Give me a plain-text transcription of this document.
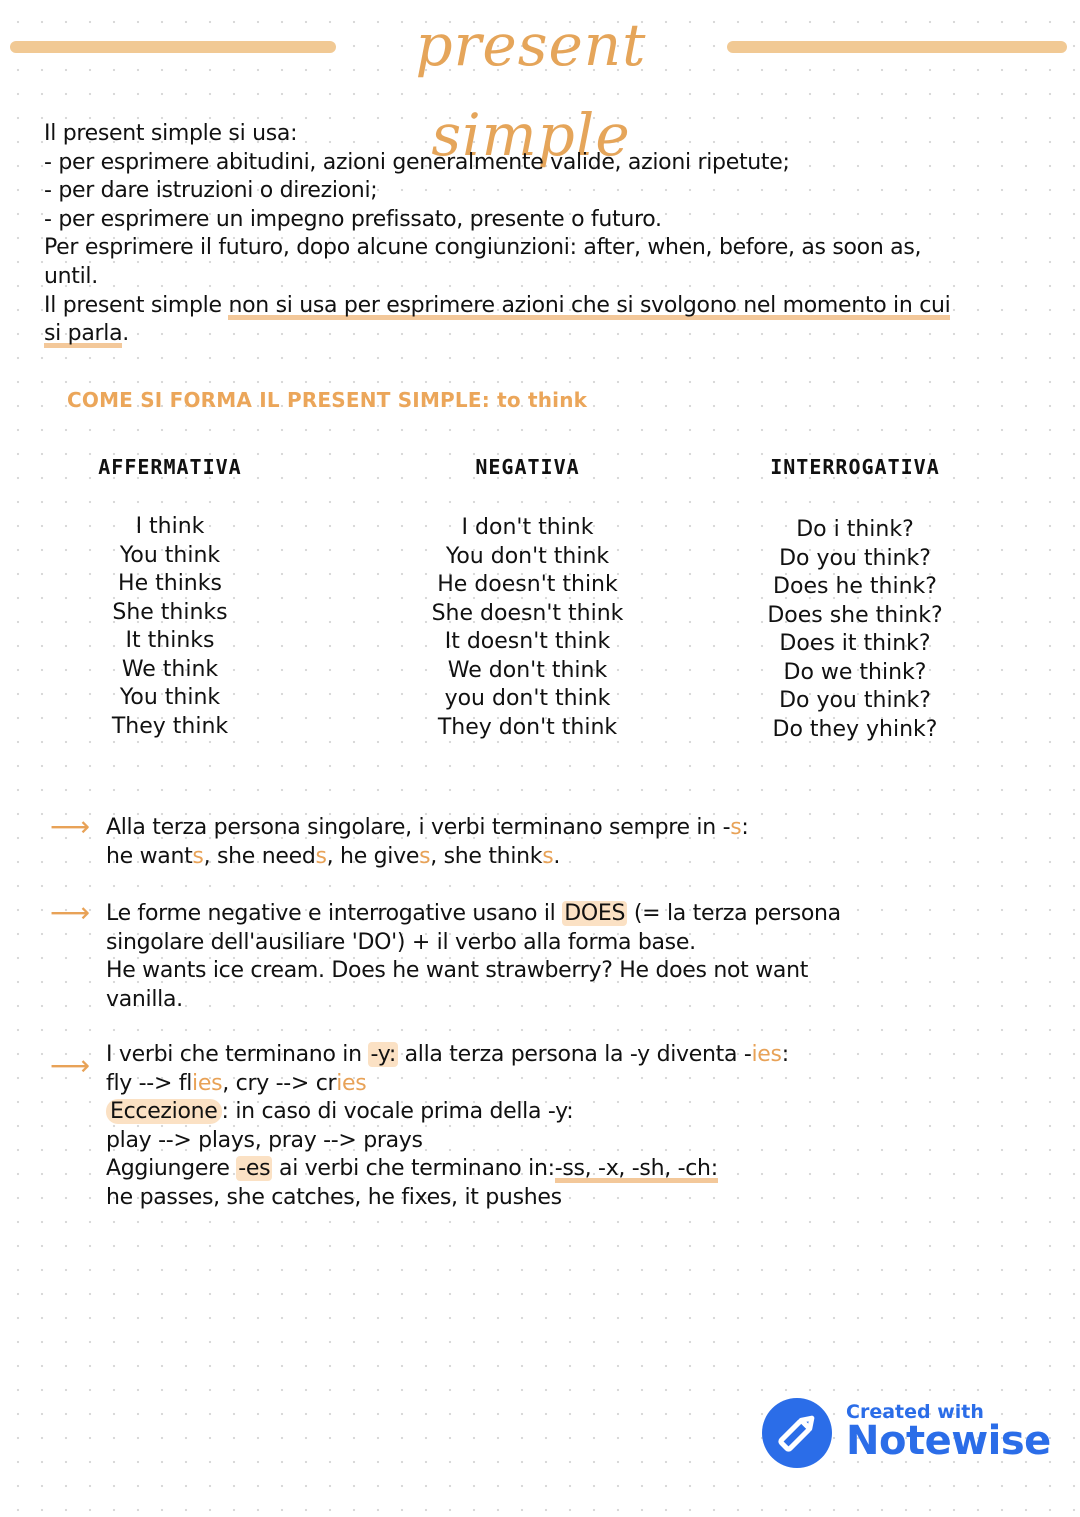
present simple

Il present simple si usa:

- per esprimere abitudini, azioni generalmente valide, azioni ripetute;

- per dare istruzioni o direzioni;

- per esprimere un impegno prefissato, presente o futuro.

Per esprimere il futuro, dopo alcune congiunzioni: after, when, before, as soon as,

until.

Il present simple non si usa per esprimere azioni che si svolgono nel momento in cui

si parla.

COME SI FORMA IL PRESENT SIMPLE: to think
AFFERMATIVA
I think
You think
He thinks
She thinks
It thinks
We think
You think
They think
NEGATIVA
I don't think
You don't think
He doesn't think
She doesn't think
It doesn't think
We don't think
you don't think
They don't think
INTERROGATIVA
Do i think?
Do you think?
Does he think?
Does she think?
Does it think?
Do we think?
Do you think?
Do they yhink?
⟶ Alla terza persona singolare, i verbi terminano sempre in -s:

he wants, she needs, he gives, she thinks.

⟶ Le forme negative e interrogative usano il DOES (= la terza persona

singolare dell'ausiliare 'DO') + il verbo alla forma base.

He wants ice cream. Does he want strawberry? He does not want

vanilla.

⟶ I verbi che terminano in -y: alla terza persona la -y diventa -ies:

fly --> flies, cry --> cries

Eccezione : in caso di vocale prima della -y:

play --> plays, pray --> prays

Aggiungere -es ai verbi che terminano in:-ss, -x, -sh, -ch:

he passes, she catches, he fixes, it pushes

Created with
Notewise
